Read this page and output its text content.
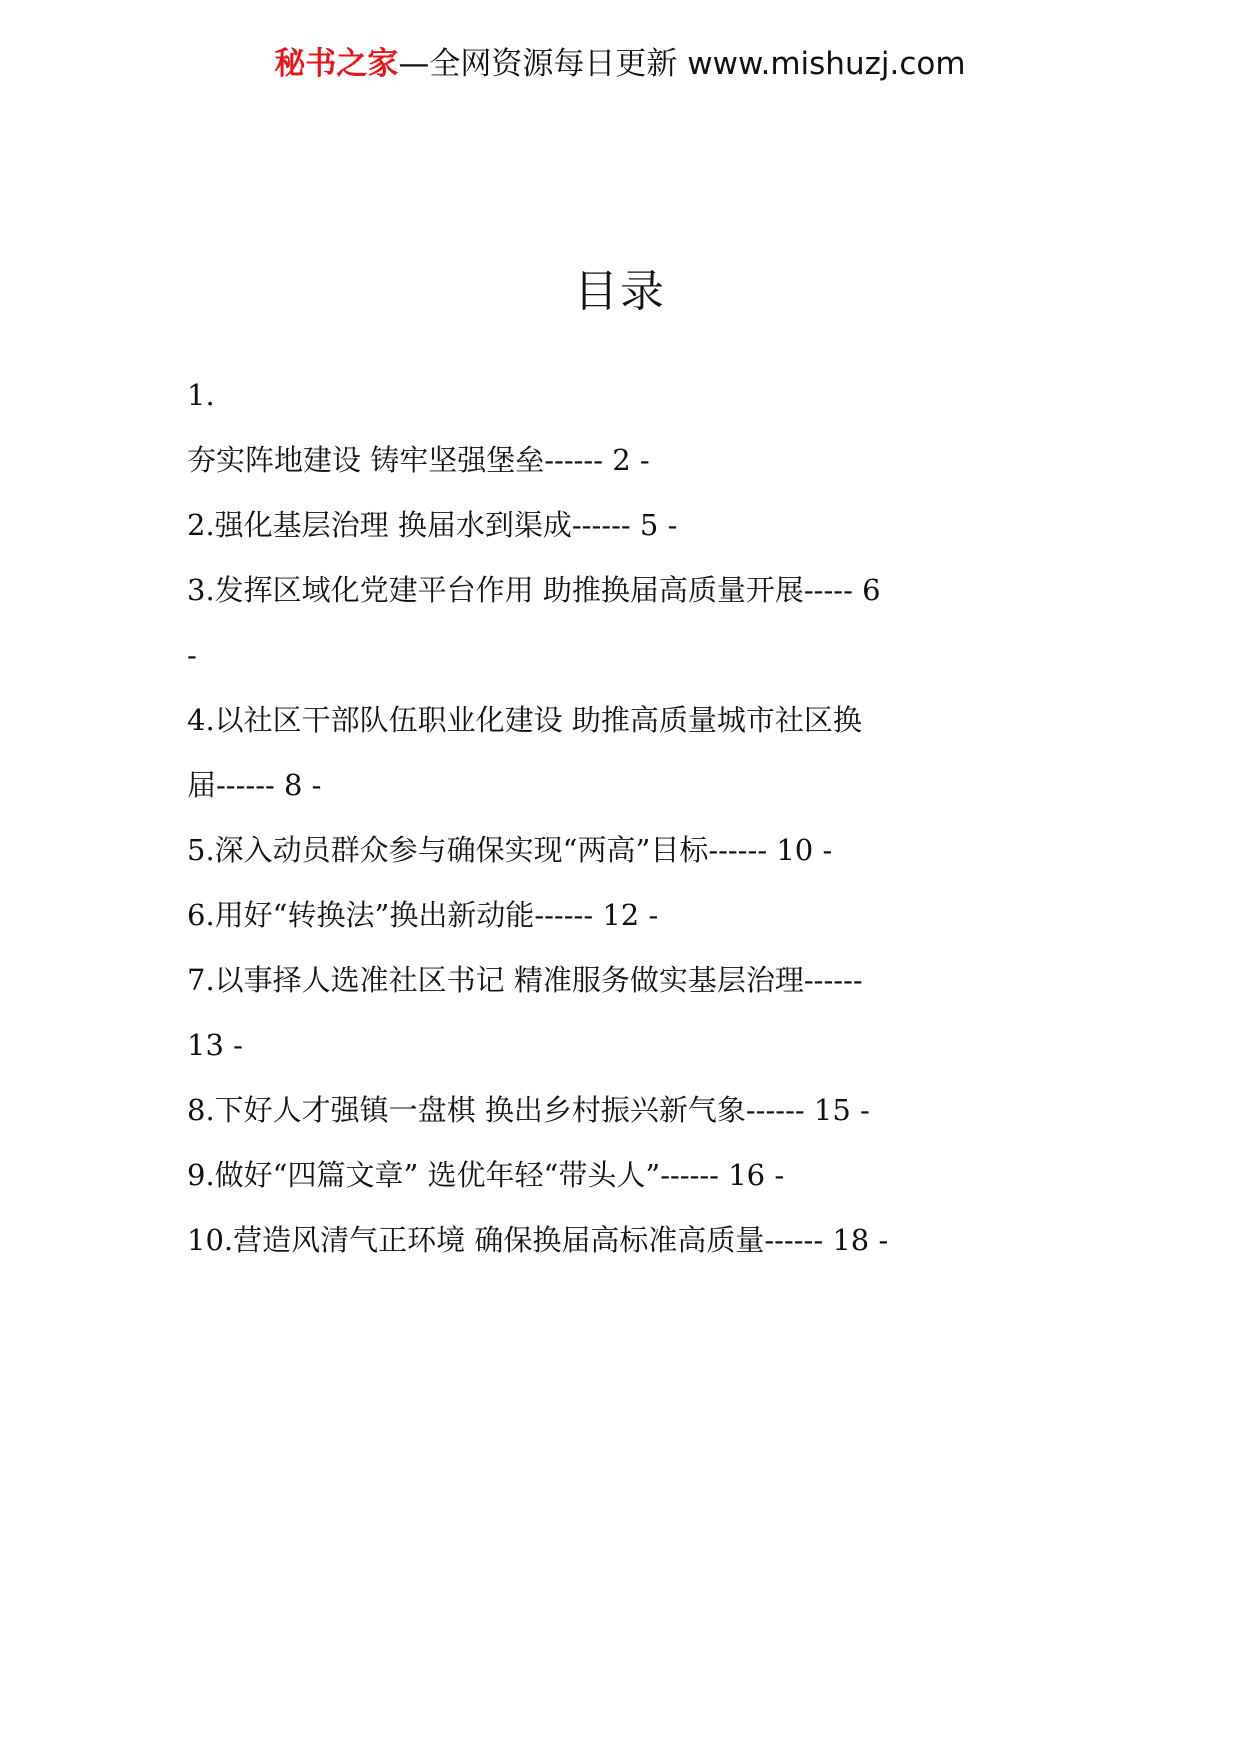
秘书之家—全网资源每日更新 www.mishuzj.com
目录
1.
夯实阵地建设 铸牢坚强堡垒------ 2 -
2.强化基层治理 换届水到渠成------ 5 -
3.发挥区域化党建平台作用 助推换届高质量开展----- 6
-
4.以社区干部队伍职业化建设 助推高质量城市社区换
届------ 8 -
5.深入动员群众参与确保实现“两高”目标------ 10 -
6.用好“转换法”换出新动能------ 12 -
7.以事择人选准社区书记 精准服务做实基层治理------
13 -
8.下好人才强镇一盘棋 换出乡村振兴新气象------ 15 -
9.做好“四篇文章” 选优年轻“带头人”------ 16 -
10.营造风清气正环境 确保换届高标准高质量------ 18 -
